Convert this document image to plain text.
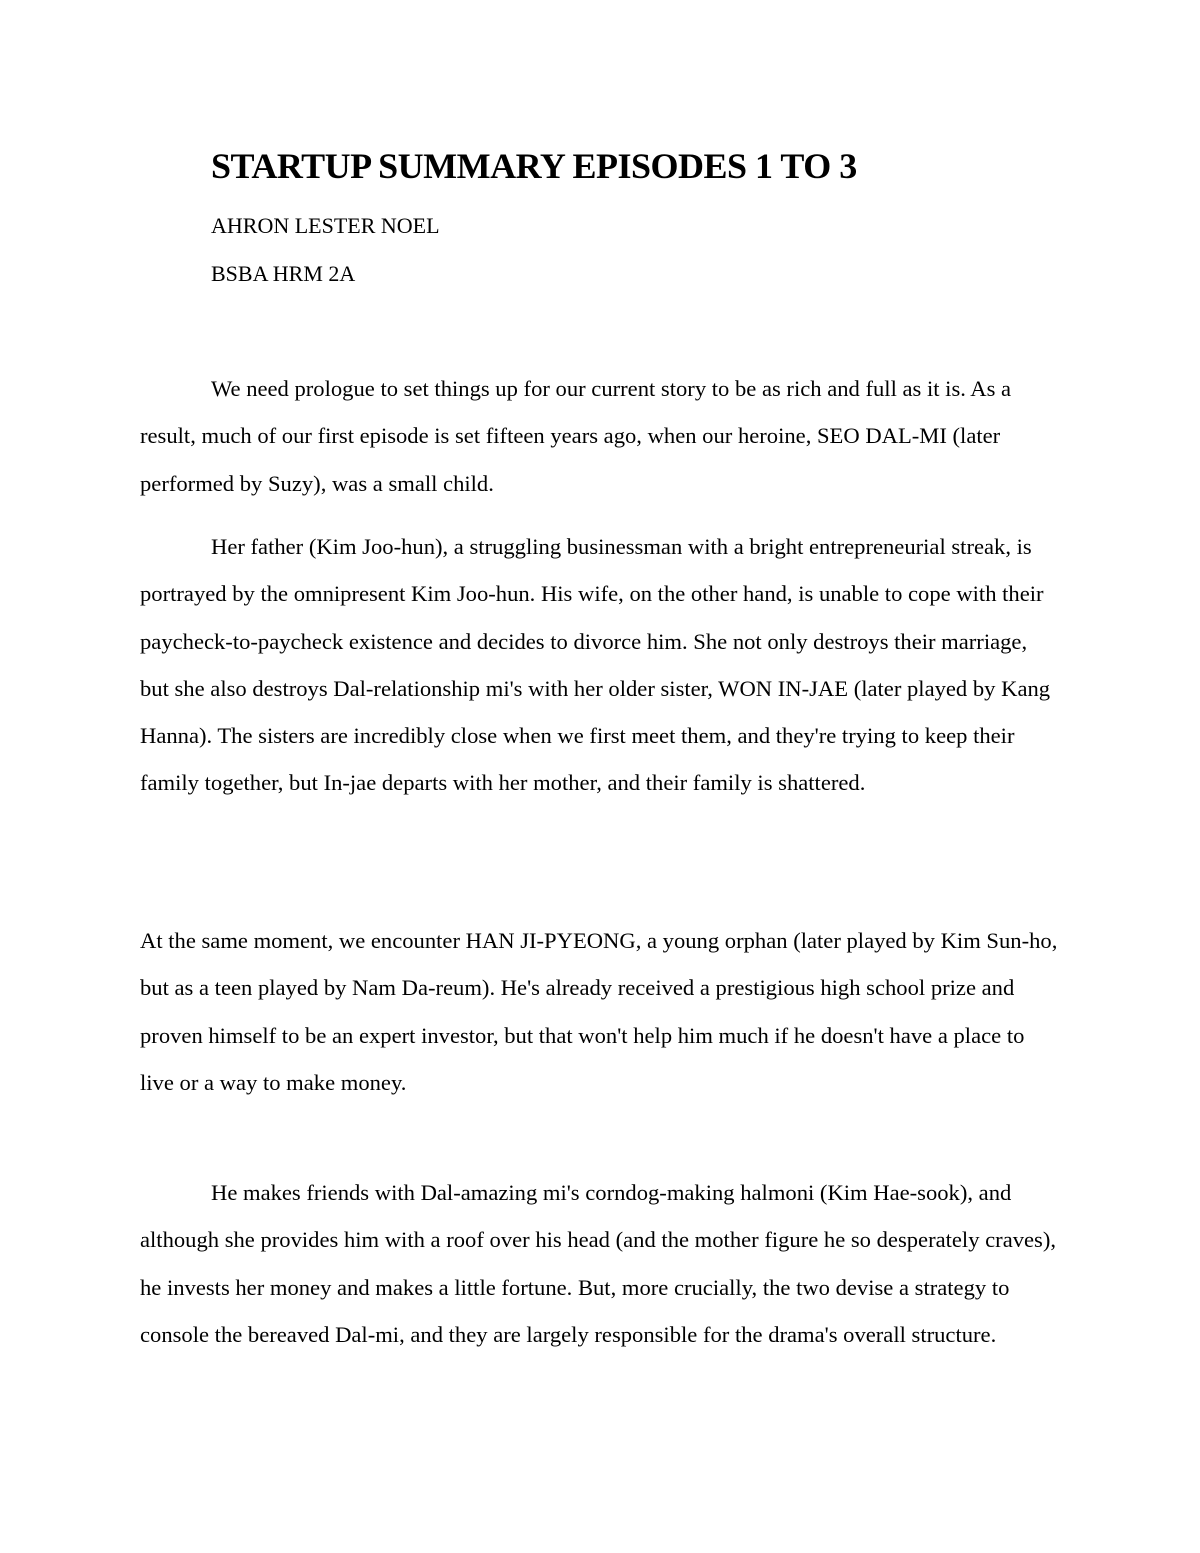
STARTUP SUMMARY EPISODES 1 TO 3

AHRON LESTER NOEL

BSBA HRM 2A

We need prologue to set things up for our current story to be as rich and full as it is. As a result, much of our first episode is set fifteen years ago, when our heroine, SEO DAL-MI (later performed by Suzy), was a small child.

Her father (Kim Joo-hun), a struggling businessman with a bright entrepreneurial streak, is portrayed by the omnipresent Kim Joo-hun. His wife, on the other hand, is unable to cope with their paycheck-to-paycheck existence and decides to divorce him. She not only destroys their marriage, but she also destroys Dal-relationship mi's with her older sister, WON IN-JAE (later played by Kang Hanna). The sisters are incredibly close when we first meet them, and they're trying to keep their family together, but In-jae departs with her mother, and their family is shattered.

At the same moment, we encounter HAN JI-PYEONG, a young orphan (later played by Kim Sun-ho, but as a teen played by Nam Da-reum). He's already received a prestigious high school prize and proven himself to be an expert investor, but that won't help him much if he doesn't have a place to live or a way to make money.

He makes friends with Dal-amazing mi's corndog-making halmoni (Kim Hae-sook), and although she provides him with a roof over his head (and the mother figure he so desperately craves), he invests her money and makes a little fortune. But, more crucially, the two devise a strategy to console the bereaved Dal-mi, and they are largely responsible for the drama's overall structure.
